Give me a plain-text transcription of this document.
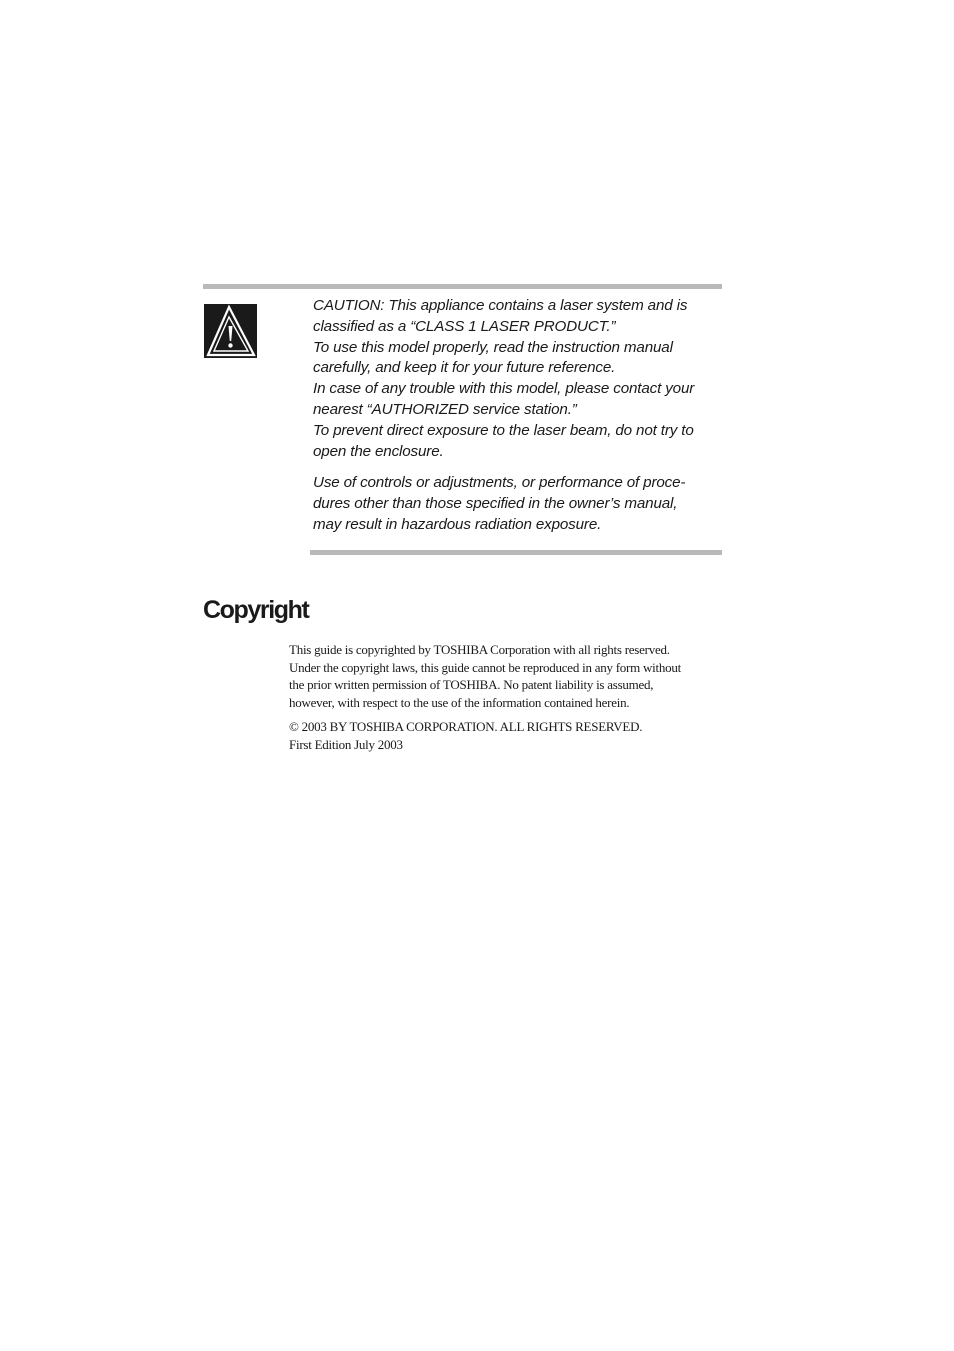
CAUTION: This appliance contains a laser system and is
classified as a “CLASS 1 LASER PRODUCT.”
To use this model properly, read the instruction manual
carefully, and keep it for your future reference.
In case of any trouble with this model, please contact your
nearest “AUTHORIZED service station.”
To prevent direct exposure to the laser beam, do not try to
open the enclosure.
Use of controls or adjustments, or performance of proce-
dures other than those specified in the owner’s manual,
may result in hazardous radiation exposure.
Copyright
This guide is copyrighted by TOSHIBA Corporation with all rights reserved.
Under the copyright laws, this guide cannot be reproduced in any form without
the prior written permission of TOSHIBA. No patent liability is assumed,
however, with respect to the use of the information contained herein.
© 2003 BY TOSHIBA CORPORATION. ALL RIGHTS RESERVED.
First Edition July 2003
